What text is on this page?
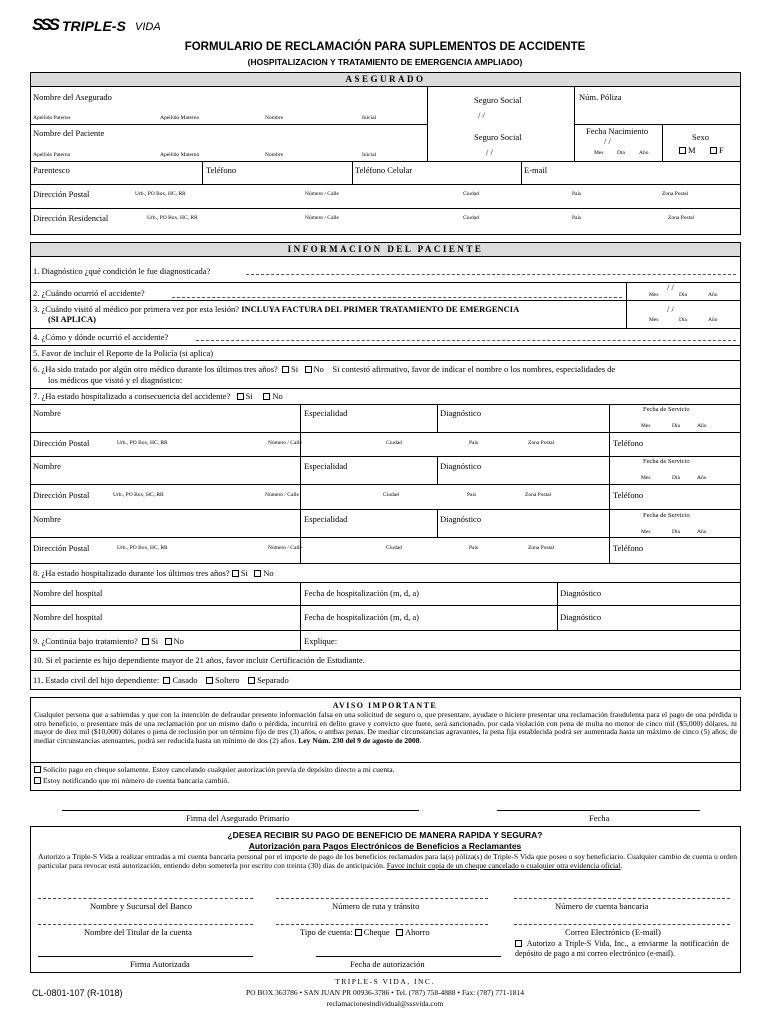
SSS TRIPLE-S VIDA
FORMULARIO DE RECLAMACIÓN PARA SUPLEMENTOS DE ACCIDENTE
(HOSPITALIZACION Y TRATAMIENTO DE EMERGENCIA AMPLIADO)
ASEGURADO
Nombre del Asegurado
Apellido Paterno	Apellido Materno	Nombre	Inicial
Seguro Social
/ /
Núm. Póliza
Nombre del Paciente
Apellido Paterno	Apellido Materno	Nombre	Inicial
Seguro Social
/ /
Fecha Nacimiento
/ /
Mes Día	Año
Sexo
M	F
Parentesco	Teléfono	Teléfono Celular	E-mail
Dirección Postal	Urb., PO Box, HC, RR	Número / Calle	Ciudad	País	Zona Postal
Dirección Residencial	Urb., PO Box, HC, RR	Número / Calle	Ciudad	País	Zona Postal
INFORMACION DEL PACIENTE
1. Diagnóstico ¿qué condición le fue diagnosticada?
2. ¿Cuándo ocurrió el accidente?
/ /
Mes	Día	Año
3. ¿Cuándo visitó al médico por primera vez por esta lesión? INCLUYA FACTURA DEL PRIMER TRATAMIENTO DE EMERGENCIA
(SI APLICA)
/ /
Mes	Día	Año
4. ¿Cómo y dónde ocurrió el accidente?
5. Favor de incluir el Reporte de la Policía (si aplica)
6. ¿Ha sido tratado por algún otro médico durante los últimos tres años? Si No Si contestó afirmativo, favor de indicar el nombre o los nombres, especialidades de
los médicos que visitó y el diagnóstico:
7. ¿Ha estado hospitalizado a consecuencia del accidente? Si No
Nombre	Especialidad	Diagnóstico	Fecha de Servicio
Mes	Día	Año
Dirección Postal	Urb., PO Box, HC, RR	Número / Calle	Ciudad	País	Zona Postal	Teléfono
Nombre	Especialidad	Diagnóstico	Fecha de Servicio
Mes	Día	Año
Dirección Postal	Urb., PO Box, HC, RR	Número / Calle	Ciudad	País	Zona Postal	Teléfono
Nombre	Especialidad	Diagnóstico	Fecha de Servicio
Mes	Día	Año
Dirección Postal	Urb., PO Box, HC, RR	Número / Calle	Ciudad	País	Zona Postal	Teléfono
8. ¿Ha estado hospitalizado durante los últimos tres años? Si No
Nombre del hospital	Fecha de hospitalización (m, d, a)	Diagnóstico
Nombre del hospital	Fecha de hospitalización (m, d, a)	Diagnóstico
9. ¿Continúa bajo tratamiento? Si No	Explique:
10. Si el paciente es hijo dependiente mayor de 21 años, favor incluir Certificación de Estudiante.
11. Estado civil del hijo dependiente: Casado Soltero Separado
AVISO IMPORTANTE
Cualquier persona que a sabiendas y que con la intención de defraudar presente información falsa en una solicitud de seguro o, que presentare, ayudare o hiciere presentar una reclamación fraudulenta para el pago de una pérdida u otro beneficio, o presentare más de una reclamación por un mismo daño o pérdida, incurrirá en delito grave y convicto que fuere, será sancionado, por cada violación con pena de multa no menor de cinco mil ($5,000) dólares, ni mayor de diez mil ($10,000) dólares o pena de reclusión por un término fijo de tres (3) años, o ambas penas. De mediar circunstancias agravantes, la pena fija establecida podrá ser aumentada hasta un máximo de cinco (5) años; de mediar circunstancias atenuantes, podrá ser reducida hasta un mínimo de dos (2) años. Ley Núm. 230 del 9 de agosto de 2008.
Solicito pago en cheque solamente. Estoy cancelando cualquier autorización previa de depósito directo a mi cuenta.
Estoy notificando que mi número de cuenta bancaria cambió.
Firma del Asegurado Primario	Fecha
¿DESEA RECIBIR SU PAGO DE BENEFICIO DE MANERA RAPIDA Y SEGURA?
Autorización para Pagos Electrónicos de Beneficios a Reclamantes
Autorizo a Triple-S Vida a realizar entradas a mi cuenta bancaria personal por el importe de pago de los beneficios reclamados para la(s) póliza(s) de Triple-S Vida que poseo o soy beneficiario. Cualquier cambio de cuenta u orden particular para revocar está autorización, entiendo debo someterla por escrito con treinta (30) días de anticipación. Favor incluir copia de un cheque cancelado o cualquier otra evidencia oficial.
Nombre y Sucursal del Banco	Número de ruta y tránsito	Número de cuenta bancaria
Nombre del Titular de la cuenta	Tipo de cuenta: Cheque Ahorro	Correo Electrónico (E-mail)
Autorizo a Triple-S Vida, Inc., a enviarme la notificación de depósito de pago a mi correo electrónico (e-mail).
Firma Autorizada	Fecha de autorización
CL-0801-107 (R-1018)
TRIPLE-S VIDA, INC.
PO BOX 363786 • SAN JUAN PR 00936-3786 • Tel. (787) 758-4888 • Fax: (787) 771-1814
reclamacionesindividual@sssvida.com
